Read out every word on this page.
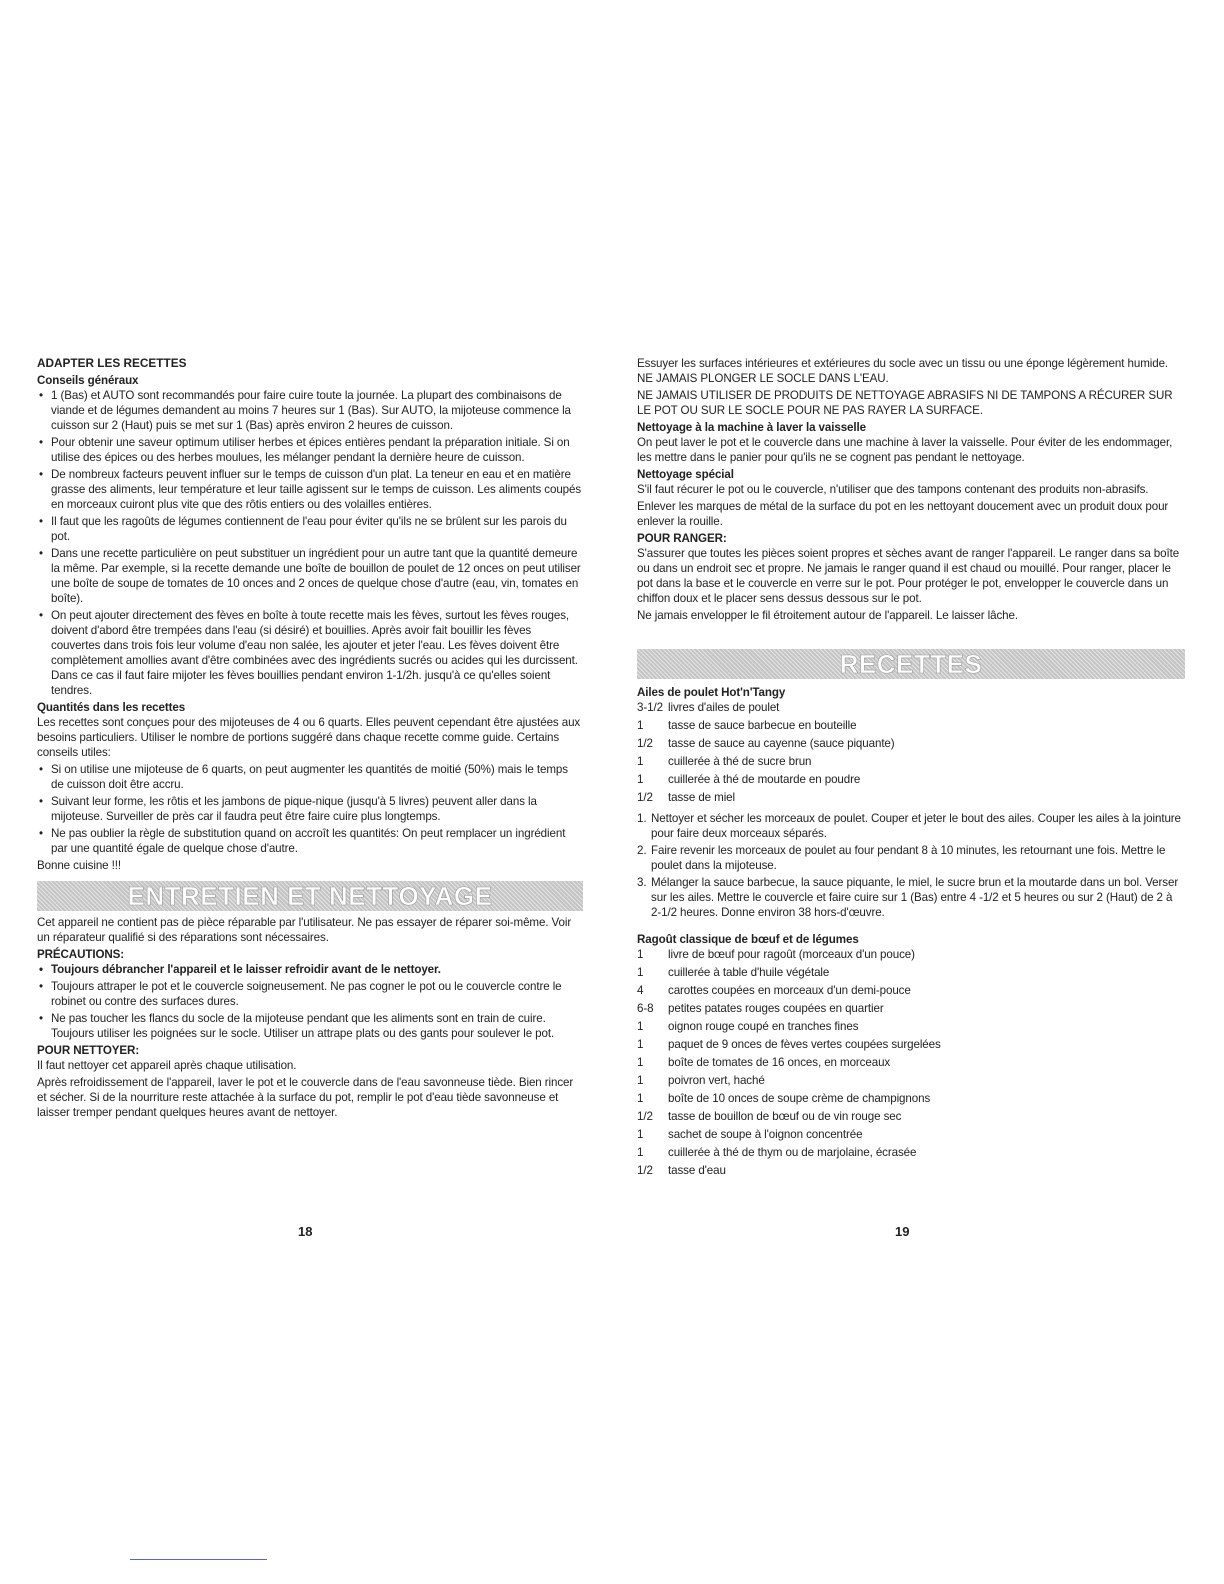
ADAPTER LES RECETTES
Conseils généraux
• 1 (Bas) et AUTO sont recommandés pour faire cuire toute la journée. La plupart des combinaisons de viande et de légumes demandent au moins 7 heures sur 1 (Bas). Sur AUTO, la mijoteuse commence la cuisson sur 2 (Haut) puis se met sur 1 (Bas) après environ 2 heures de cuisson.
• Pour obtenir une saveur optimum utiliser herbes et épices entières pendant la préparation initiale. Si on utilise des épices ou des herbes moulues, les mélanger pendant la dernière heure de cuisson.
• De nombreux facteurs peuvent influer sur le temps de cuisson d'un plat. La teneur en eau et en matière grasse des aliments, leur température et leur taille agissent sur le temps de cuisson. Les aliments coupés en morceaux cuiront plus vite que des rôtis entiers ou des volailles entières.
• Il faut que les ragoûts de légumes contiennent de l'eau pour éviter qu'ils ne se brûlent sur les parois du pot.
• Dans une recette particulière on peut substituer un ingrédient pour un autre tant que la quantité demeure la même. Par exemple, si la recette demande une boîte de bouillon de poulet de 12 onces on peut utiliser une boîte de soupe de tomates de 10 onces and 2 onces de quelque chose d'autre (eau, vin, tomates en boîte).
• On peut ajouter directement des fèves en boîte à toute recette mais les fèves, surtout les fèves rouges, doivent d'abord être trempées dans l'eau (si désiré) et bouillies. Après avoir fait bouillir les fèves couvertes dans trois fois leur volume d'eau non salée, les ajouter et jeter l'eau. Les fèves doivent être complètement amollies avant d'être combinées avec des ingrédients sucrés ou acides qui les durcissent. Dans ce cas il faut faire mijoter les fèves bouillies pendant environ 1-1/2h. jusqu'à ce qu'elles soient tendres.
Quantités dans les recettes

Les recettes sont conçues pour des mijoteuses de 4 ou 6 quarts. Elles peuvent cependant être ajustées aux besoins particuliers. Utiliser le nombre de portions suggéré dans chaque recette comme guide. Certains conseils utiles:

• Si on utilise une mijoteuse de 6 quarts, on peut augmenter les quantités de moitié (50%) mais le temps de cuisson doit être accru.
• Suivant leur forme, les rôtis et les jambons de pique-nique (jusqu'à 5 livres) peuvent aller dans la mijoteuse. Surveiller de près car il faudra peut être faire cuire plus longtemps.
• Ne pas oublier la règle de substitution quand on accroît les quantités: On peut remplacer un ingrédient par une quantité égale de quelque chose d'autre.

Bonne cuisine !!!

ENTRETIEN ET NETTOYAGE

Cet appareil ne contient pas de pièce réparable par l'utilisateur. Ne pas essayer de réparer soi-même. Voir un réparateur qualifié si des réparations sont nécessaires.

PRÉCAUTIONS:
• Toujours débrancher l'appareil et le laisser refroidir avant de le nettoyer.
• Toujours attraper le pot et le couvercle soigneusement. Ne pas cogner le pot ou le couvercle contre le robinet ou contre des surfaces dures.
• Ne pas toucher les flancs du socle de la mijoteuse pendant que les aliments sont en train de cuire. Toujours utiliser les poignées sur le socle. Utiliser un attrape plats ou des gants pour soulever le pot.
POUR NETTOYER:

Il faut nettoyer cet appareil après chaque utilisation.

Après refroidissement de l'appareil, laver le pot et le couvercle dans de l'eau savonneuse tiède. Bien rincer et sécher. Si de la nourriture reste attachée à la surface du pot, remplir le pot d'eau tiède savonneuse et laisser tremper pendant quelques heures avant de nettoyer.

Essuyer les surfaces intérieures et extérieures du socle avec un tissu ou une éponge légèrement humide. NE JAMAIS PLONGER LE SOCLE DANS L'EAU.

NE JAMAIS UTILISER DE PRODUITS DE NETTOYAGE ABRASIFS NI DE TAMPONS A RÉCURER SUR LE POT OU SUR LE SOCLE POUR NE PAS RAYER LA SURFACE.

Nettoyage à la machine à laver la vaisselle

On peut laver le pot et le couvercle dans une machine à laver la vaisselle. Pour éviter de les endommager, les mettre dans le panier pour qu'ils ne se cognent pas pendant le nettoyage.

Nettoyage spécial

S'il faut récurer le pot ou le couvercle, n'utiliser que des tampons contenant des produits non-abrasifs.

Enlever les marques de métal de la surface du pot en les nettoyant doucement avec un produit doux pour enlever la rouille.

POUR RANGER:

S'assurer que toutes les pièces soient propres et sèches avant de ranger l'appareil. Le ranger dans sa boîte ou dans un endroit sec et propre. Ne jamais le ranger quand il est chaud ou mouillé. Pour ranger, placer le pot dans la base et le couvercle en verre sur le pot. Pour protéger le pot, envelopper le couvercle dans un chiffon doux et le placer sens dessus dessous sur le pot.

Ne jamais envelopper le fil étroitement autour de l'appareil. Le laisser lâche.

RECETTES
Ailes de poulet Hot'n'Tangy
3-1/2 livres d'ailes de poulet
1	tasse de sauce barbecue en bouteille
1/2	tasse de sauce au cayenne (sauce piquante)
1	cuillerée à thé de sucre brun
1	cuillerée à thé de moutarde en poudre
1/2	tasse de miel
1. Nettoyer et sécher les morceaux de poulet. Couper et jeter le bout des ailes. Couper les ailes à la jointure pour faire deux morceaux séparés.
2. Faire revenir les morceaux de poulet au four pendant 8 à 10 minutes, les retournant une fois. Mettre le poulet dans la mijoteuse.
3. Mélanger la sauce barbecue, la sauce piquante, le miel, le sucre brun et la moutarde dans un bol. Verser sur les ailes. Mettre le couvercle et faire cuire sur 1 (Bas) entre 4 -1/2 et 5 heures ou sur 2 (Haut) de 2 à 2-1/2 heures. Donne environ 38 hors-d'œuvre.
Ragoût classique de bœuf et de légumes
1	livre de bœuf pour ragoût (morceaux d'un pouce)
1	cuillerée à table d'huile végétale
4	carottes coupées en morceaux d'un demi-pouce
6-8	petites patates rouges coupées en quartier
1	oignon rouge coupé en tranches fines
1	paquet de 9 onces de fèves vertes coupées surgelées
1	boîte de tomates de 16 onces, en morceaux
1	poivron vert, haché
1	boîte de 10 onces de soupe crème de champignons
1/2	tasse de bouillon de bœuf ou de vin rouge sec
1	sachet de soupe à l'oignon concentrée
1	cuillerée à thé de thym ou de marjolaine, écrasée
1/2	tasse d'eau
18	19
